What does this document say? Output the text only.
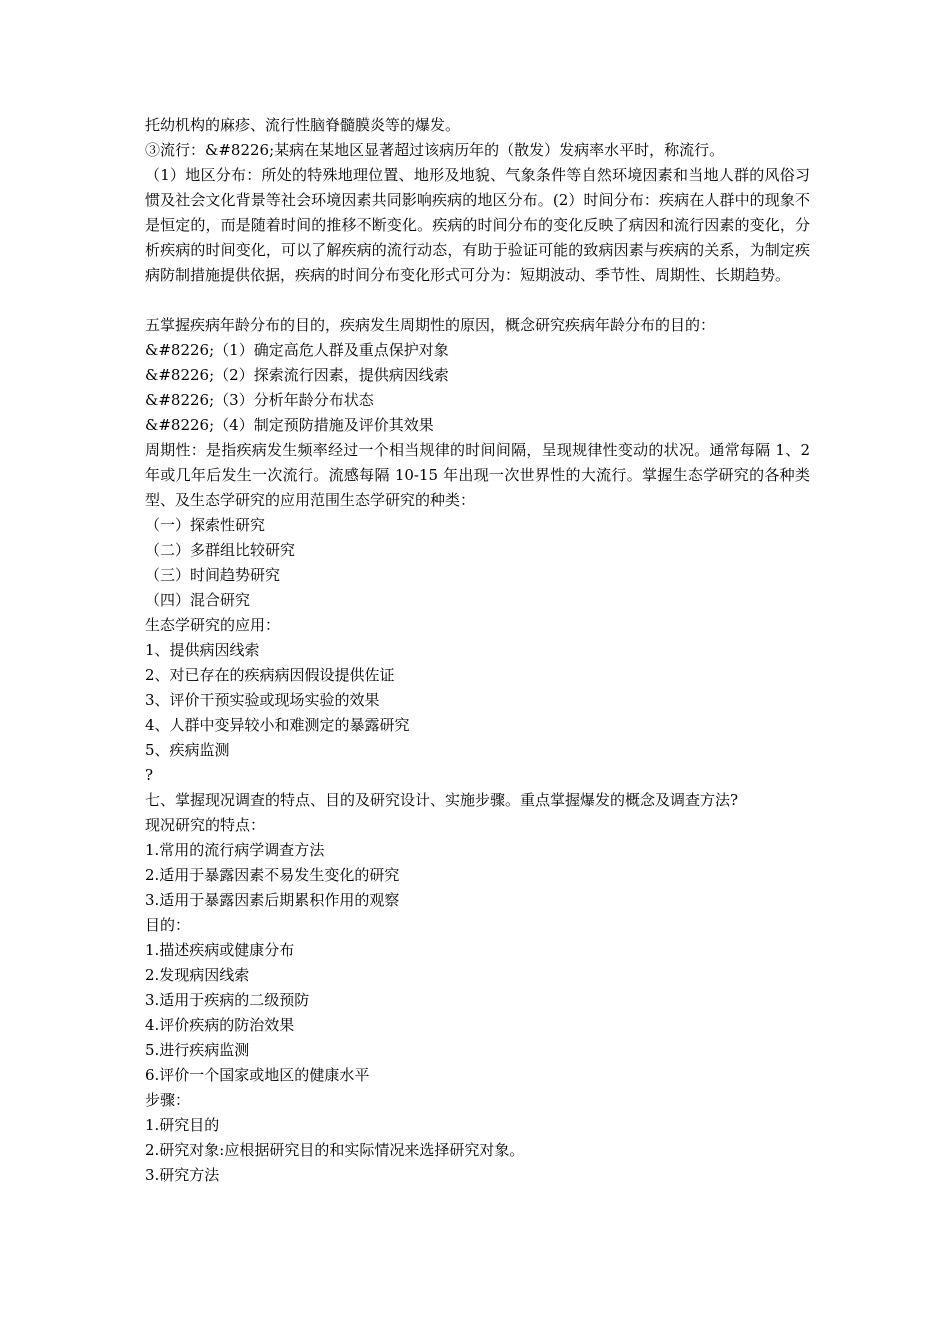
托幼机构的麻疹、流行性脑脊髓膜炎等的爆发。
③流行：&#8226;某病在某地区显著超过该病历年的（散发）发病率水平时，称流行。
（1）地区分布：所处的特殊地理位置、地形及地貌、气象条件等自然环境因素和当地人群的风俗习惯及社会文化背景等社会环境因素共同影响疾病的地区分布。(2）时间分布：疾病在人群中的现象不是恒定的，而是随着时间的推移不断变化。疾病的时间分布的变化反映了病因和流行因素的变化，分析疾病的时间变化，可以了解疾病的流行动态，有助于验证可能的致病因素与疾病的关系，为制定疾病防制措施提供依据，疾病的时间分布变化形式可分为：短期波动、季节性、周期性、长期趋势。
五掌握疾病年龄分布的目的，疾病发生周期性的原因，概念研究疾病年龄分布的目的：
&#8226;（1）确定高危人群及重点保护对象
&#8226;（2）探索流行因素，提供病因线索
&#8226;（3）分析年龄分布状态
&#8226;（4）制定预防措施及评价其效果
周期性：是指疾病发生频率经过一个相当规律的时间间隔，呈现规律性变动的状况。通常每隔 1、2 年或几年后发生一次流行。流感每隔 10-15 年出现一次世界性的大流行。掌握生态学研究的各种类型、及生态学研究的应用范围生态学研究的种类：
（一）探索性研究
（二）多群组比较研究
（三）时间趋势研究
（四）混合研究
生态学研究的应用：
1、提供病因线索
2、对已存在的疾病病因假设提供佐证
3、评价干预实验或现场实验的效果
4、人群中变异较小和难测定的暴露研究
5、疾病监测
?
七、掌握现况调查的特点、目的及研究设计、实施步骤。重点掌握爆发的概念及调查方法?
现况研究的特点：
1.常用的流行病学调查方法
2.适用于暴露因素不易发生变化的研究
3.适用于暴露因素后期累积作用的观察
目的：
1.描述疾病或健康分布
2.发现病因线索
3.适用于疾病的二级预防
4.评价疾病的防治效果
5.进行疾病监测
6.评价一个国家或地区的健康水平
步骤：
1.研究目的
2.研究对象:应根据研究目的和实际情况来选择研究对象。
3.研究方法
